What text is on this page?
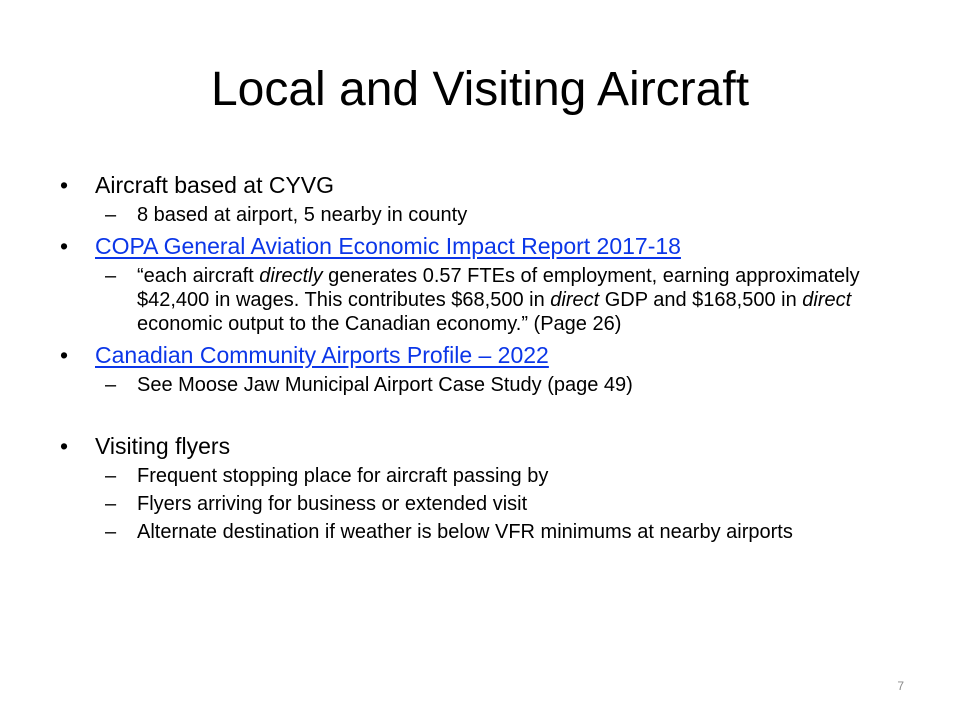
Local and Visiting Aircraft
•	Aircraft based at CYVG
– 8 based at airport, 5 nearby in county
•	COPA General Aviation Economic Impact Report 2017-18
– “each aircraft directly generates 0.57 FTEs of employment, earning approximately $42,400 in wages. This contributes $68,500 in direct GDP and $168,500 in direct economic output to the Canadian economy.” (Page 26)
•	Canadian Community Airports Profile – 2022
– See Moose Jaw Municipal Airport Case Study (page 49)
•	Visiting flyers
– Frequent stopping place for aircraft passing by
– Flyers arriving for business or extended visit
– Alternate destination if weather is below VFR minimums at nearby airports
7
